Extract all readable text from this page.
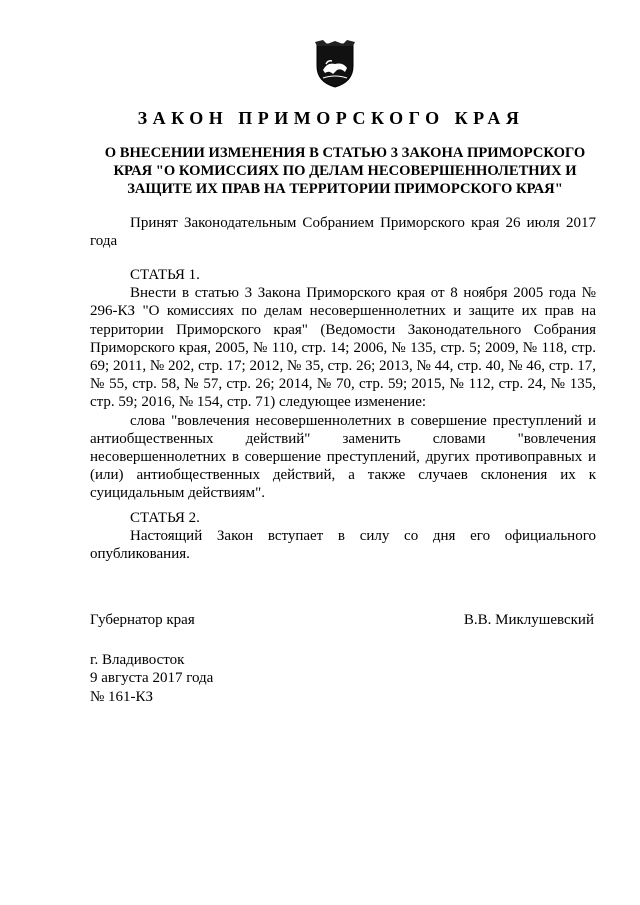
ЗАКОН ПРИМОРСКОГО КРАЯ
О ВНЕСЕНИИ ИЗМЕНЕНИЯ В СТАТЬЮ 3 ЗАКОНА ПРИМОРСКОГО КРАЯ "О КОМИССИЯХ ПО ДЕЛАМ НЕСОВЕРШЕННОЛЕТНИХ И ЗАЩИТЕ ИХ ПРАВ НА ТЕРРИТОРИИ ПРИМОРСКОГО КРАЯ"

Принят Законодательным Собранием Приморского края 26 июля 2017 года

СТАТЬЯ 1.

Внести в статью 3 Закона Приморского края от 8 ноября 2005 года № 296-КЗ "О комиссиях по делам несовершеннолетних и защите их прав на территории Приморского края" (Ведомости Законодательного Собрания Приморского края, 2005, № 110, стр. 14; 2006, № 135, стр. 5; 2009, № 118, стр. 69; 2011, № 202, стр. 17; 2012, № 35, стр. 26; 2013, № 44, стр. 40, № 46, стр. 17, № 55, стр. 58, № 57, стр. 26; 2014, № 70, стр. 59; 2015, № 112, стр. 24, № 135, стр. 59; 2016, № 154, стр. 71) следующее изменение:

слова "вовлечения несовершеннолетних в совершение преступлений и антиобщественных действий" заменить словами "вовлечения несовершеннолетних в совершение преступлений, других противоправных и (или) антиобщественных действий, а также случаев склонения их к суицидальным действиям".

СТАТЬЯ 2.

Настоящий Закон вступает в силу со дня его официального опубликования.

Губернатор края	В.В. Миклушевский
г. Владивосток
9 августа 2017 года
№ 161-КЗ
